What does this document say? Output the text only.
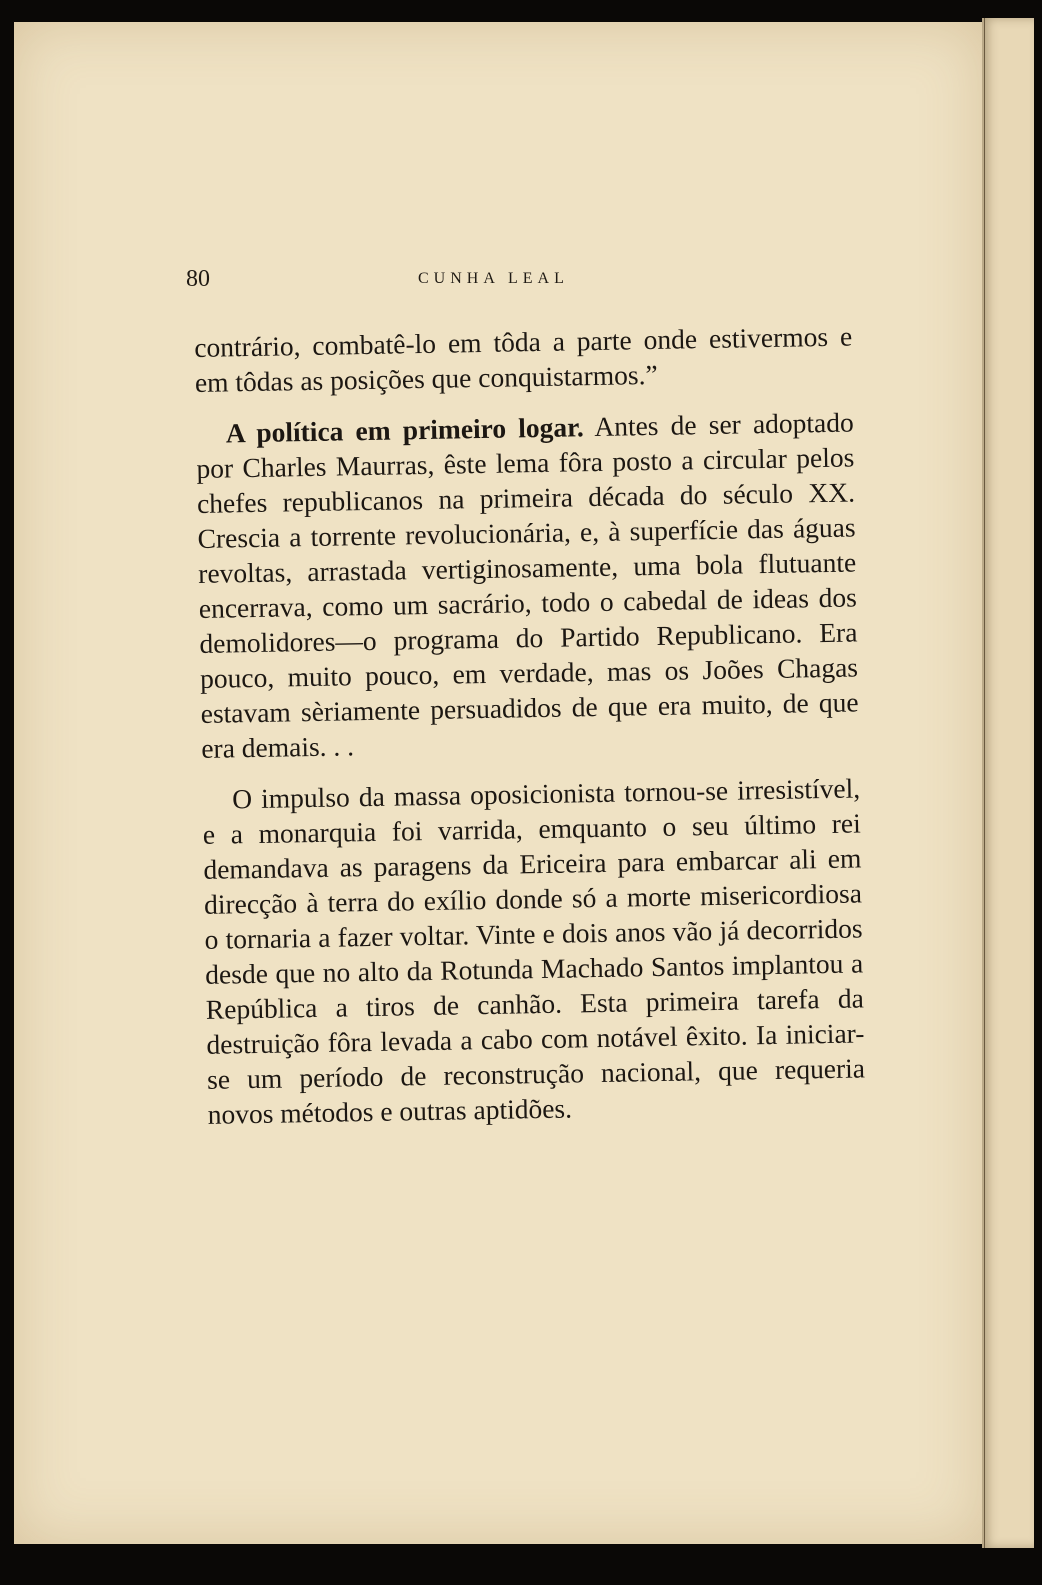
80	CUNHA LEAL

contrário, combatê-lo em tôda a parte onde estivermos e em tôdas as posições que conquistarmos.”

A política em primeiro logar. Antes de ser adoptado por Charles Maurras, êste lema fôra posto a circular pelos chefes republicanos na primeira década do século XX. Crescia a torrente revolucionária, e, à superfície das águas revoltas, arrastada vertiginosamente, uma bola flutuante encerrava, como um sacrário, todo o cabedal de ideas dos demolidores—o programa do Partido Republicano. Era pouco, muito pouco, em verdade, mas os Joões Chagas estavam sèriamente persuadidos de que era muito, de que era demais. . .

O impulso da massa oposicionista tornou-se irresistível, e a monarquia foi varrida, emquanto o seu último rei demandava as paragens da Ericeira para embarcar ali em direcção à terra do exílio donde só a morte misericordiosa o tornaria a fazer voltar. Vinte e dois anos vão já decorridos desde que no alto da Rotunda Machado Santos implantou a República a tiros de canhão. Esta primeira tarefa da destruição fôra levada a cabo com notável êxito. Ia iniciar-se um período de reconstrução nacional, que requeria novos métodos e outras aptidões.
